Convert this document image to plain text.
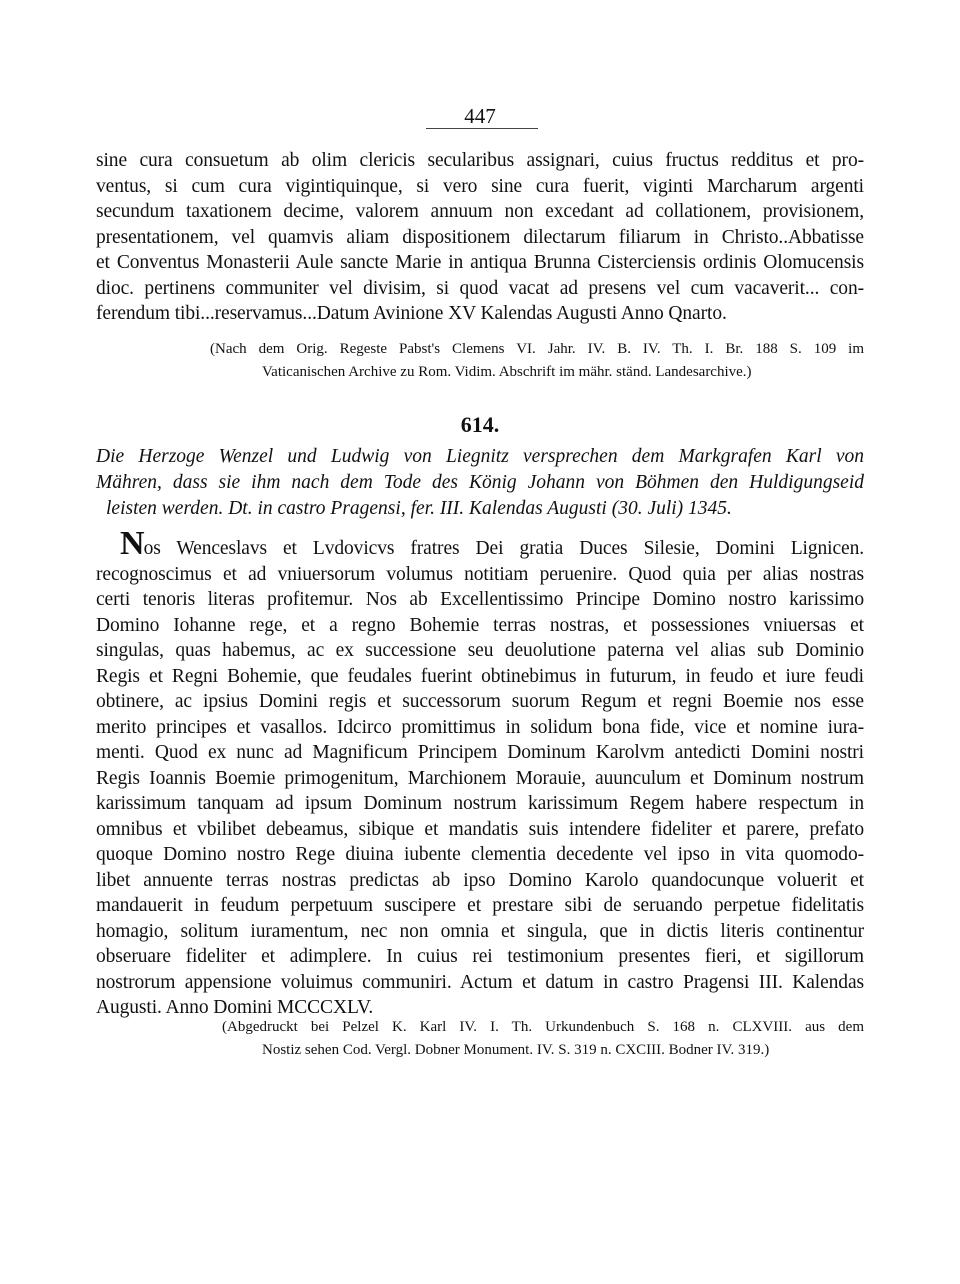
447
sine cura consuetum ab olim clericis secularibus assignari, cuius fructus redditus et pro-
ventus, si cum cura vigintiquinque, si vero sine cura fuerit, viginti Marcharum argenti
secundum taxationem decime, valorem annuum non excedant ad collationem, provisionem,
presentationem, vel quamvis aliam dispositionem dilectarum filiarum in Christo..Abbatisse
et Conventus Monasterii Aule sancte Marie in antiqua Brunna Cisterciensis ordinis Olomucensis
dioc. pertinens communiter vel divisim, si quod vacat ad presens vel cum vacaverit... con-
ferendum tibi...reservamus...Datum Avinione XV Kalendas Augusti Anno Qnarto.
(Nach dem Orig. Regeste Pabst's Clemens VI. Jahr. IV. B. IV. Th. I. Br. 188 S. 109 im
Vaticanischen Archive zu Rom. Vidim. Abschrift im mähr. ständ. Landesarchive.)
614.
Die Herzoge Wenzel und Ludwig von Liegnitz versprechen dem Markgrafen Karl von
Mähren, dass sie ihm nach dem Tode des König Johann von Böhmen den Huldigungseid
leisten werden. Dt. in castro Pragensi, fer. III. Kalendas Augusti (30. Juli) 1345.
Nos Wenceslavs et Lvdovicvs fratres Dei gratia Duces Silesie, Domini Lignicen.
recognoscimus et ad vniuersorum volumus notitiam peruenire. Quod quia per alias nostras
certi tenoris literas profitemur. Nos ab Excellentissimo Principe Domino nostro karissimo
Domino Iohanne rege, et a regno Bohemie terras nostras, et possessiones vniuersas et
singulas, quas habemus, ac ex successione seu deuolutione paterna vel alias sub Dominio
Regis et Regni Bohemie, que feudales fuerint obtinebimus in futurum, in feudo et iure feudi
obtinere, ac ipsius Domini regis et successorum suorum Regum et regni Boemie nos esse
merito principes et vasallos. Idcirco promittimus in solidum bona fide, vice et nomine iura-
menti. Quod ex nunc ad Magnificum Principem Dominum Karolvm antedicti Domini nostri
Regis Ioannis Boemie primogenitum, Marchionem Morauie, auunculum et Dominum nostrum
karissimum tanquam ad ipsum Dominum nostrum karissimum Regem habere respectum in
omnibus et vbilibet debeamus, sibique et mandatis suis intendere fideliter et parere, prefato
quoque Domino nostro Rege diuina iubente clementia decedente vel ipso in vita quomodo-
libet annuente terras nostras predictas ab ipso Domino Karolo quandocunque voluerit et
mandauerit in feudum perpetuum suscipere et prestare sibi de seruando perpetue fidelitatis
homagio, solitum iuramentum, nec non omnia et singula, que in dictis literis continentur
obseruare fideliter et adimplere. In cuius rei testimonium presentes fieri, et sigillorum
nostrorum appensione voluimus communiri. Actum et datum in castro Pragensi III. Kalendas
Augusti. Anno Domini MCCCXLV.
(Abgedruckt bei Pelzel K. Karl IV. I. Th. Urkundenbuch S. 168 n. CLXVIII. aus dem
Nostiz sehen Cod. Vergl. Dobner Monument. IV. S. 319 n. CXCIII. Bodner IV. 319.)
